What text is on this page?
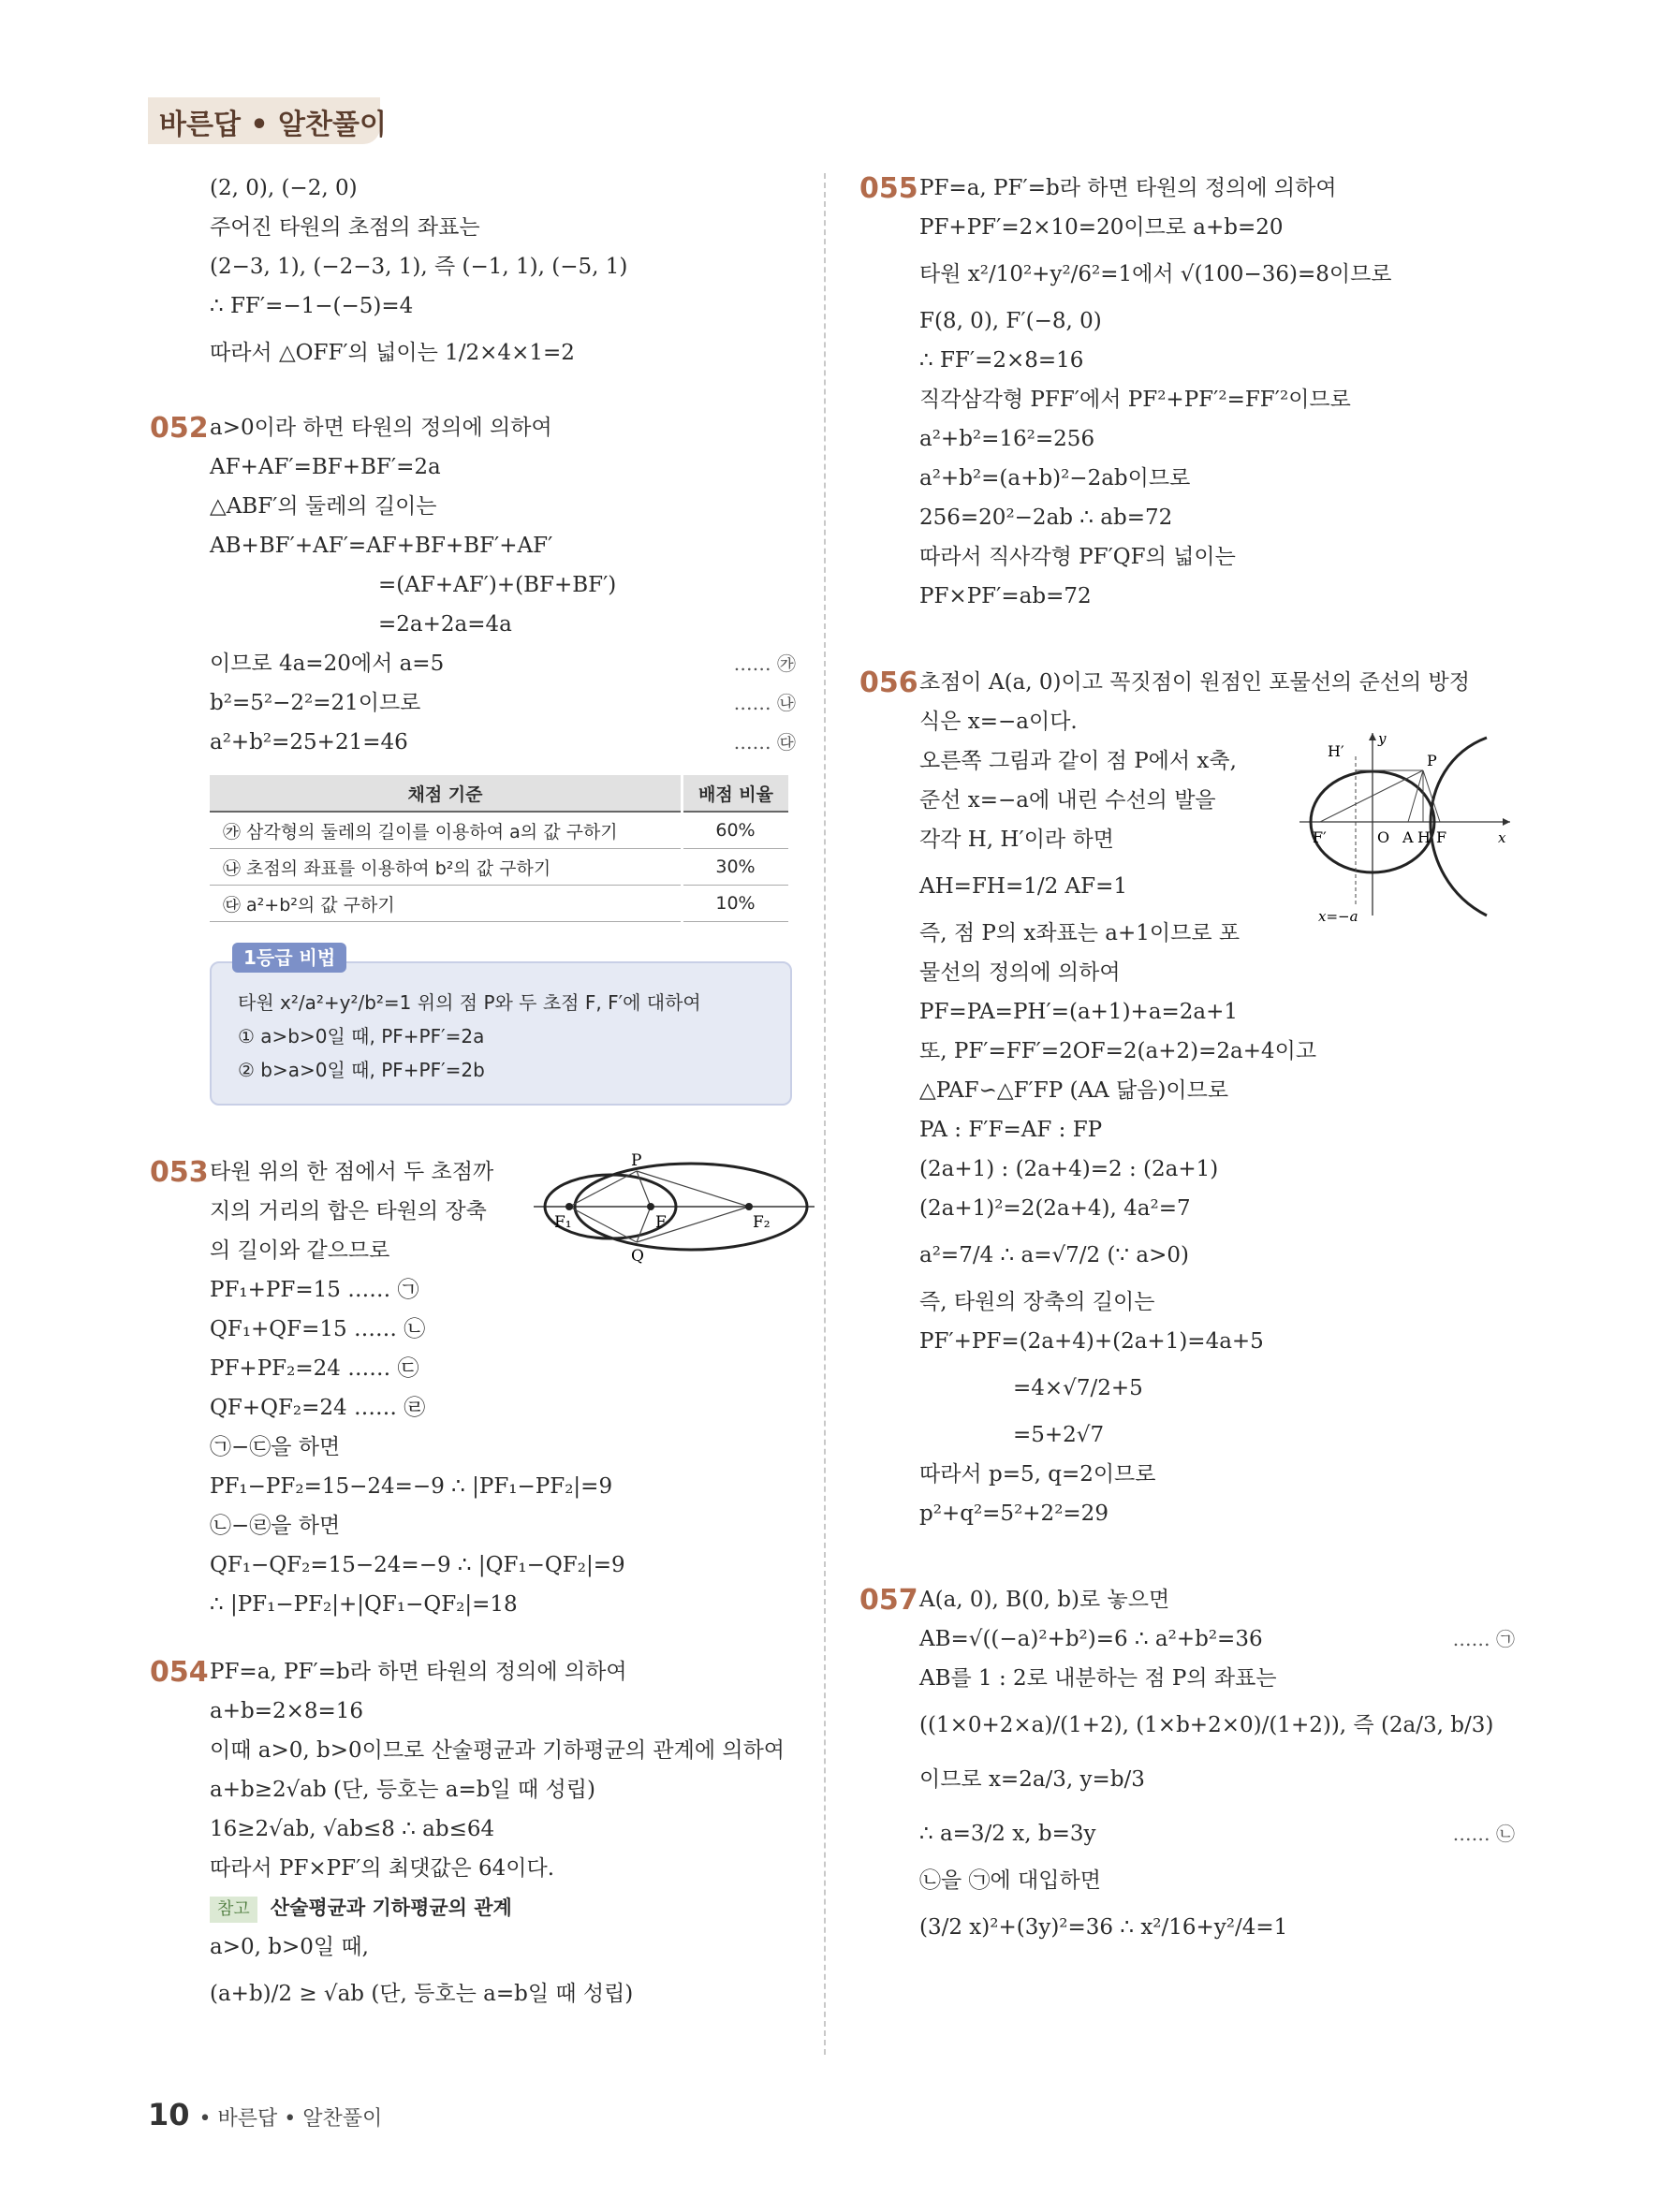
바른답 • 알찬풀이
(2, 0), (−2, 0)
주어진 타원의 초점의 좌표는
(2−3, 1), (−2−3, 1), 즉 (−1, 1), (−5, 1)
∴ FF′=−1−(−5)=4
따라서 △OFF′의 넓이는 1/2×4×1=2
052 a>0이라 하면 타원의 정의에 의하여
AF+AF′=BF+BF′=2a
△ABF′의 둘레의 길이는
AB+BF′+AF′=AF+BF+BF′+AF′
=(AF+AF′)+(BF+BF′)
=2a+2a=4a
…… ㉮
이므로 4a=20에서 a=5
…… ㉯
b²=5²−2²=21이므로
…… ㉰
a²+b²=25+21=46
채점 기준	배점 비율
㉮ 삼각형의 둘레의 길이를 이용하여 a의 값 구하기	60%
㉯ 초점의 좌표를 이용하여 b²의 값 구하기	30%
㉰ a²+b²의 값 구하기	10%
1등급 비법
타원 x²/a²+y²/b²=1 위의 점 P와 두 초점 F, F′에 대하여
① a>b>0일 때, PF+PF′=2a
② b>a>0일 때, PF+PF′=2b
053	P
Q
F₁	F	F₂
타원 위의 한 점에서 두 초점까
지의 거리의 합은 타원의 장축
의 길이와 같으므로
PF₁+PF=15 …… ㉠
QF₁+QF=15 …… ㉡
PF+PF₂=24 …… ㉢
QF+QF₂=24 …… ㉣
㉠−㉢을 하면
PF₁−PF₂=15−24=−9 ∴ |PF₁−PF₂|=9
㉡−㉣을 하면
QF₁−QF₂=15−24=−9 ∴ |QF₁−QF₂|=9
∴ |PF₁−PF₂|+|QF₁−QF₂|=18
054 PF=a, PF′=b라 하면 타원의 정의에 의하여
a+b=2×8=16
이때 a>0, b>0이므로 산술평균과 기하평균의 관계에 의하여
a+b≥2√ab (단, 등호는 a=b일 때 성립)
16≥2√ab, √ab≤8 ∴ ab≤64
따라서 PF×PF′의 최댓값은 64이다.
참고 산술평균과 기하평균의 관계
a>0, b>0일 때,
(a+b)/2 ≥ √ab (단, 등호는 a=b일 때 성립)
055 PF=a, PF′=b라 하면 타원의 정의에 의하여
PF+PF′=2×10=20이므로 a+b=20
타원 x²/10²+y²/6²=1에서 √(100−36)=8이므로
F(8, 0), F′(−8, 0)
∴ FF′=2×8=16
직각삼각형 PFF′에서 PF²+PF′²=FF′²이므로
a²+b²=16²=256
a²+b²=(a+b)²−2ab이므로
256=20²−2ab ∴ ab=72
따라서 직사각형 PF′QF의 넓이는
PF×PF′=ab=72
056
H′
y
P
F′	O A H F	x
x=−a
초점이 A(a, 0)이고 꼭짓점이 원점인 포물선의 준선의 방정
식은 x=−a이다.
오른쪽 그림과 같이 점 P에서 x축,
준선 x=−a에 내린 수선의 발을
각각 H, H′이라 하면
AH=FH=1/2 AF=1
즉, 점 P의 x좌표는 a+1이므로 포
물선의 정의에 의하여
PF=PA=PH′=(a+1)+a=2a+1
또, PF′=FF′=2OF=2(a+2)=2a+4이고
△PAF∽△F′FP (AA 닮음)이므로
PA : F′F=AF : FP
(2a+1) : (2a+4)=2 : (2a+1)
(2a+1)²=2(2a+4), 4a²=7
a²=7/4 ∴ a=√7/2 (∵ a>0)
즉, 타원의 장축의 길이는
PF′+PF=(2a+4)+(2a+1)=4a+5
=4×√7/2+5
=5+2√7
따라서 p=5, q=2이므로
p²+q²=5²+2²=29
057 A(a, 0), B(0, b)로 놓으면
…… ㉠
AB=√((−a)²+b²)=6 ∴ a²+b²=36
AB를 1 : 2로 내분하는 점 P의 좌표는
((1×0+2×a)/(1+2), (1×b+2×0)/(1+2)), 즉 (2a/3, b/3)
이므로 x=2a/3, y=b/3
…… ㉡
∴ a=3/2 x, b=3y
㉡을 ㉠에 대입하면
(3/2 x)²+(3y)²=36 ∴ x²/16+y²/4=1
10 • 바른답 • 알찬풀이
